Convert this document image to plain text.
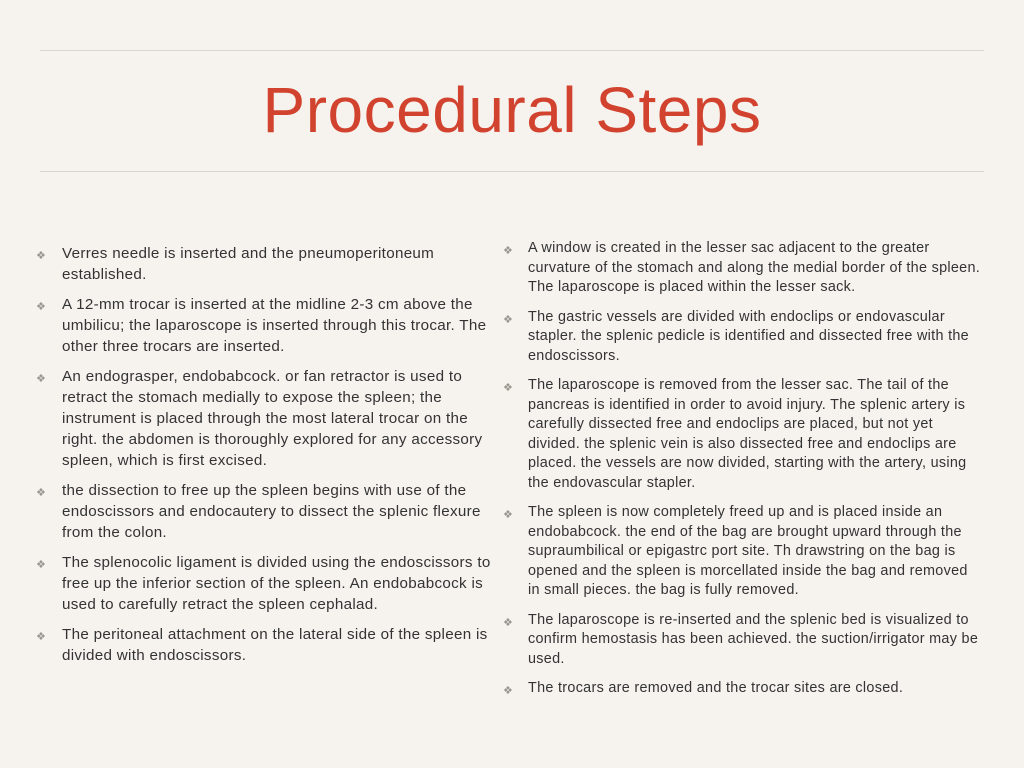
Procedural Steps
❖ Verres needle is inserted and the pneumoperitoneum established.
❖ A 12-mm trocar is inserted at the midline 2-3 cm above the umbilicu; the laparoscope is inserted through this trocar. The other three trocars are inserted.
❖ An endograsper, endobabcock. or fan retractor is used to retract the stomach medially to expose the spleen; the instrument is placed through the most lateral trocar on the right. the abdomen is thoroughly explored for any accessory spleen, which is first excised.
❖ the dissection to free up the spleen begins with use of the endoscissors and endocautery to dissect the splenic flexure from the colon.
❖ The splenocolic ligament is divided using the endoscissors to free up the inferior section of the spleen. An endobabcock is used to carefully retract the spleen cephalad.
❖ The peritoneal attachment on the lateral side of the spleen is divided with endoscissors.
❖ A window is created in the lesser sac adjacent to the greater curvature of the stomach and along the medial border of the spleen. The laparoscope is placed within the lesser sack.
❖ The gastric vessels are divided with endoclips or endovascular stapler. the splenic pedicle is identified and dissected free with the endoscissors.
❖ The laparoscope is removed from the lesser sac. The tail of the pancreas is identified in order to avoid injury. The splenic artery is carefully dissected free and endoclips are placed, but not yet divided. the splenic vein is also dissected free and endoclips are placed. the vessels are now divided, starting with the artery, using the endovascular stapler.
❖ The spleen is now completely freed up and is placed inside an endobabcock. the end of the bag are brought upward through the supraumbilical or epigastrc port site. Th drawstring on the bag is opened and the spleen is morcellated inside the bag and removed in small pieces. the bag is fully removed.
❖ The laparoscope is re-inserted and the splenic bed is visualized to confirm hemostasis has been achieved. the suction/irrigator may be used.
❖ The trocars are removed and the trocar sites are closed.
